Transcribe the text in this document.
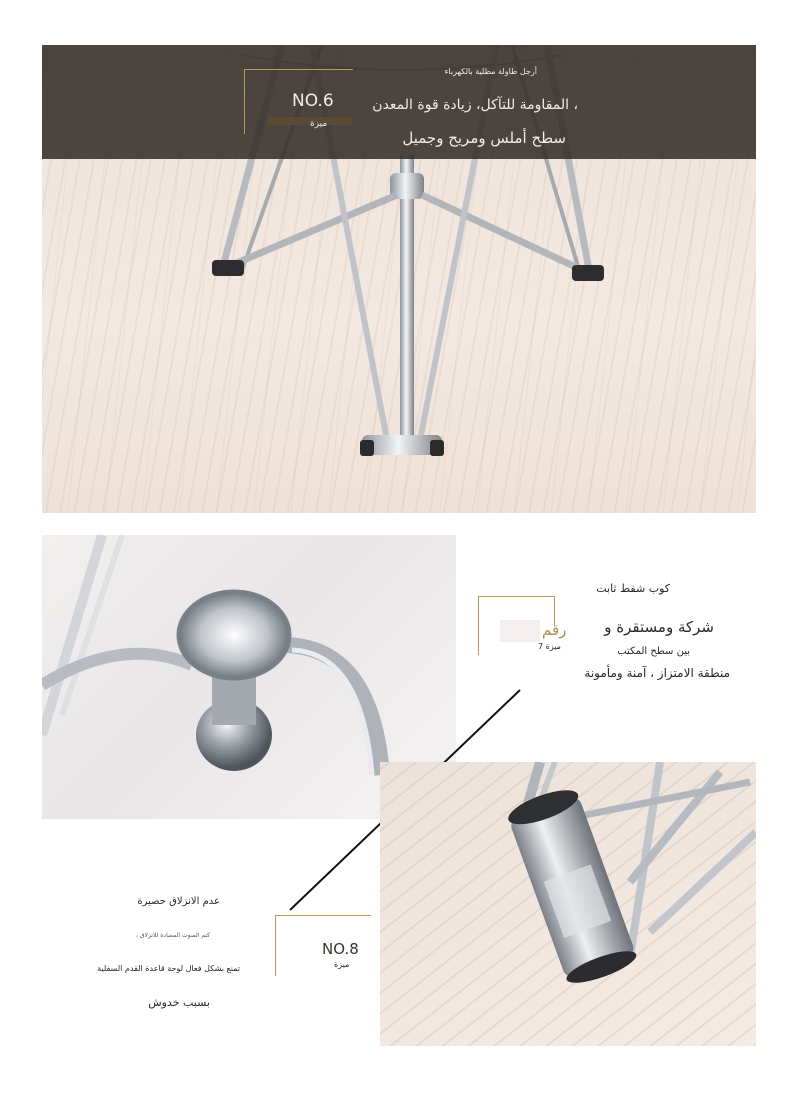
NO.6
ميزة
أرجل طاولة مطلية بالكهرباء
، المقاومة للتآكل، زيادة قوة المعدن
سطح أملس ومريح وجميل
رقم
7 ميزة
كوب شفط ثابت
شركة ومستقرة و
بين سطح المكتب
منطقة الامتزاز ، آمنة ومأمونة
NO.8
ميزة
عدم الانزلاق حصيرة
كتم الصوت المضادة للانزلاق ،
تمنع بشكل فعال لوحة قاعدة القدم السفلية
بسبب خدوش
